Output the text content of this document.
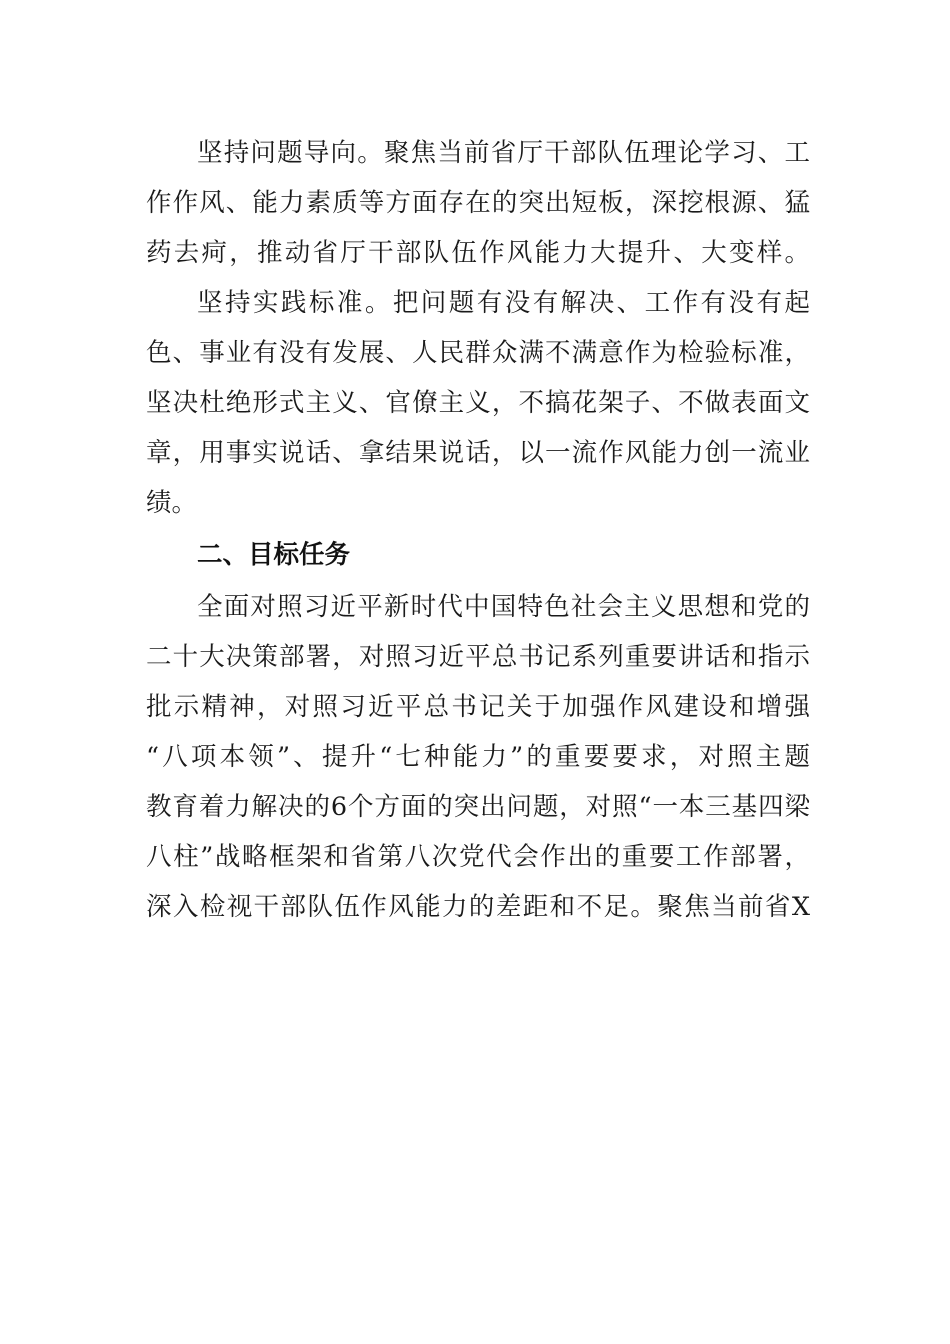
坚持问题导向。聚焦当前省厅干部队伍理论学习、工
作作风、能力素质等方面存在的突出短板，深挖根源、猛
药去疴，推动省厅干部队伍作风能力大提升、大变样。
坚持实践标准。把问题有没有解决、工作有没有起
色、事业有没有发展、人民群众满不满意作为检验标准，
坚决杜绝形式主义、官僚主义，不搞花架子、不做表面文
章，用事实说话、拿结果说话，以一流作风能力创一流业
绩。
二、目标任务
全面对照习近平新时代中国特色社会主义思想和党的
二十大决策部署，对照习近平总书记系列重要讲话和指示
批示精神，对照习近平总书记关于加强作风建设和增强
“八项本领”、提升“七种能力”的重要要求，对照主题
教育着力解决的6个方面的突出问题，对照“一本三基四梁
八柱”战略框架和省第八次党代会作出的重要工作部署，
深入检视干部队伍作风能力的差距和不足。聚焦当前省X
